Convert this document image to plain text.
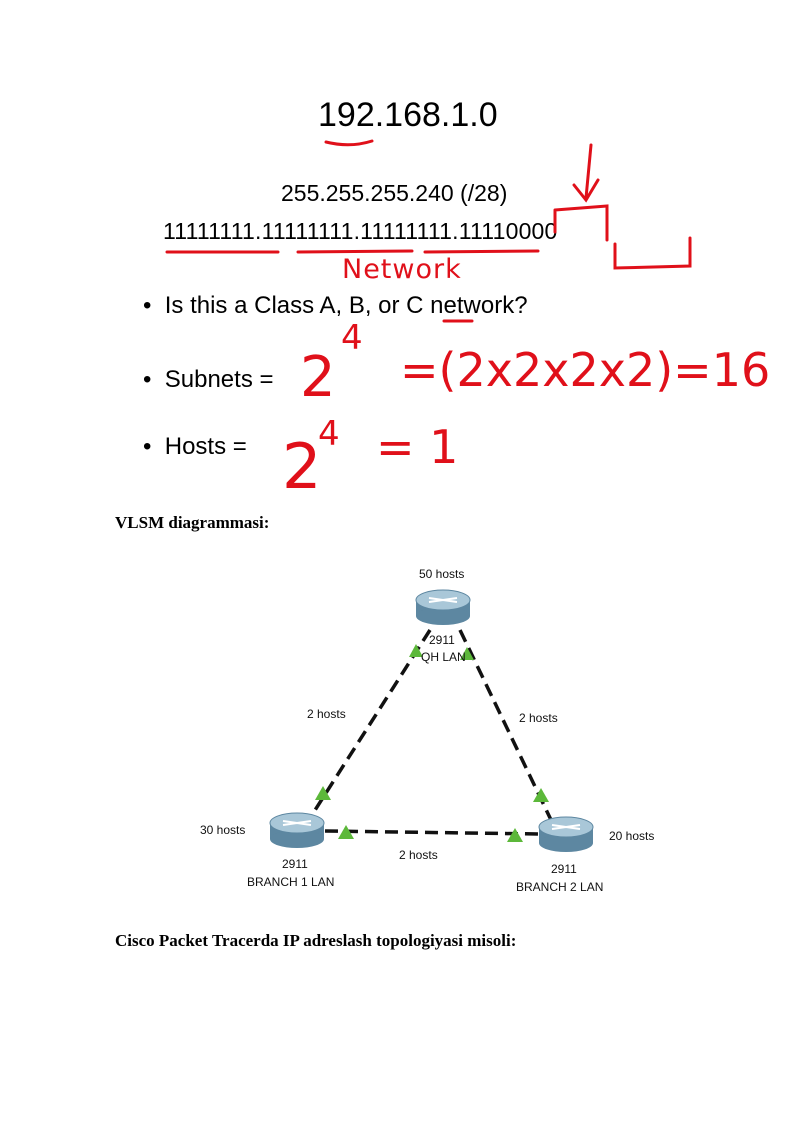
192.168.1.0
255.255.255.240 (/28)
11111111.11111111.11111111.11110000
•  Is this a Class A, B, or C network?
•  Subnets =
•  Hosts =
Network
2
4
=(2x2x2x2)=16
2
4 = 1
VLSM diagrammasi:
50 hosts
2911
QH LAN
30 hosts
2911
BRANCH 1 LAN
20 hosts
2911
BRANCH 2 LAN
2 hosts	2 hosts
2 hosts
Cisco Packet Tracerda IP adreslash topologiyasi misoli:
